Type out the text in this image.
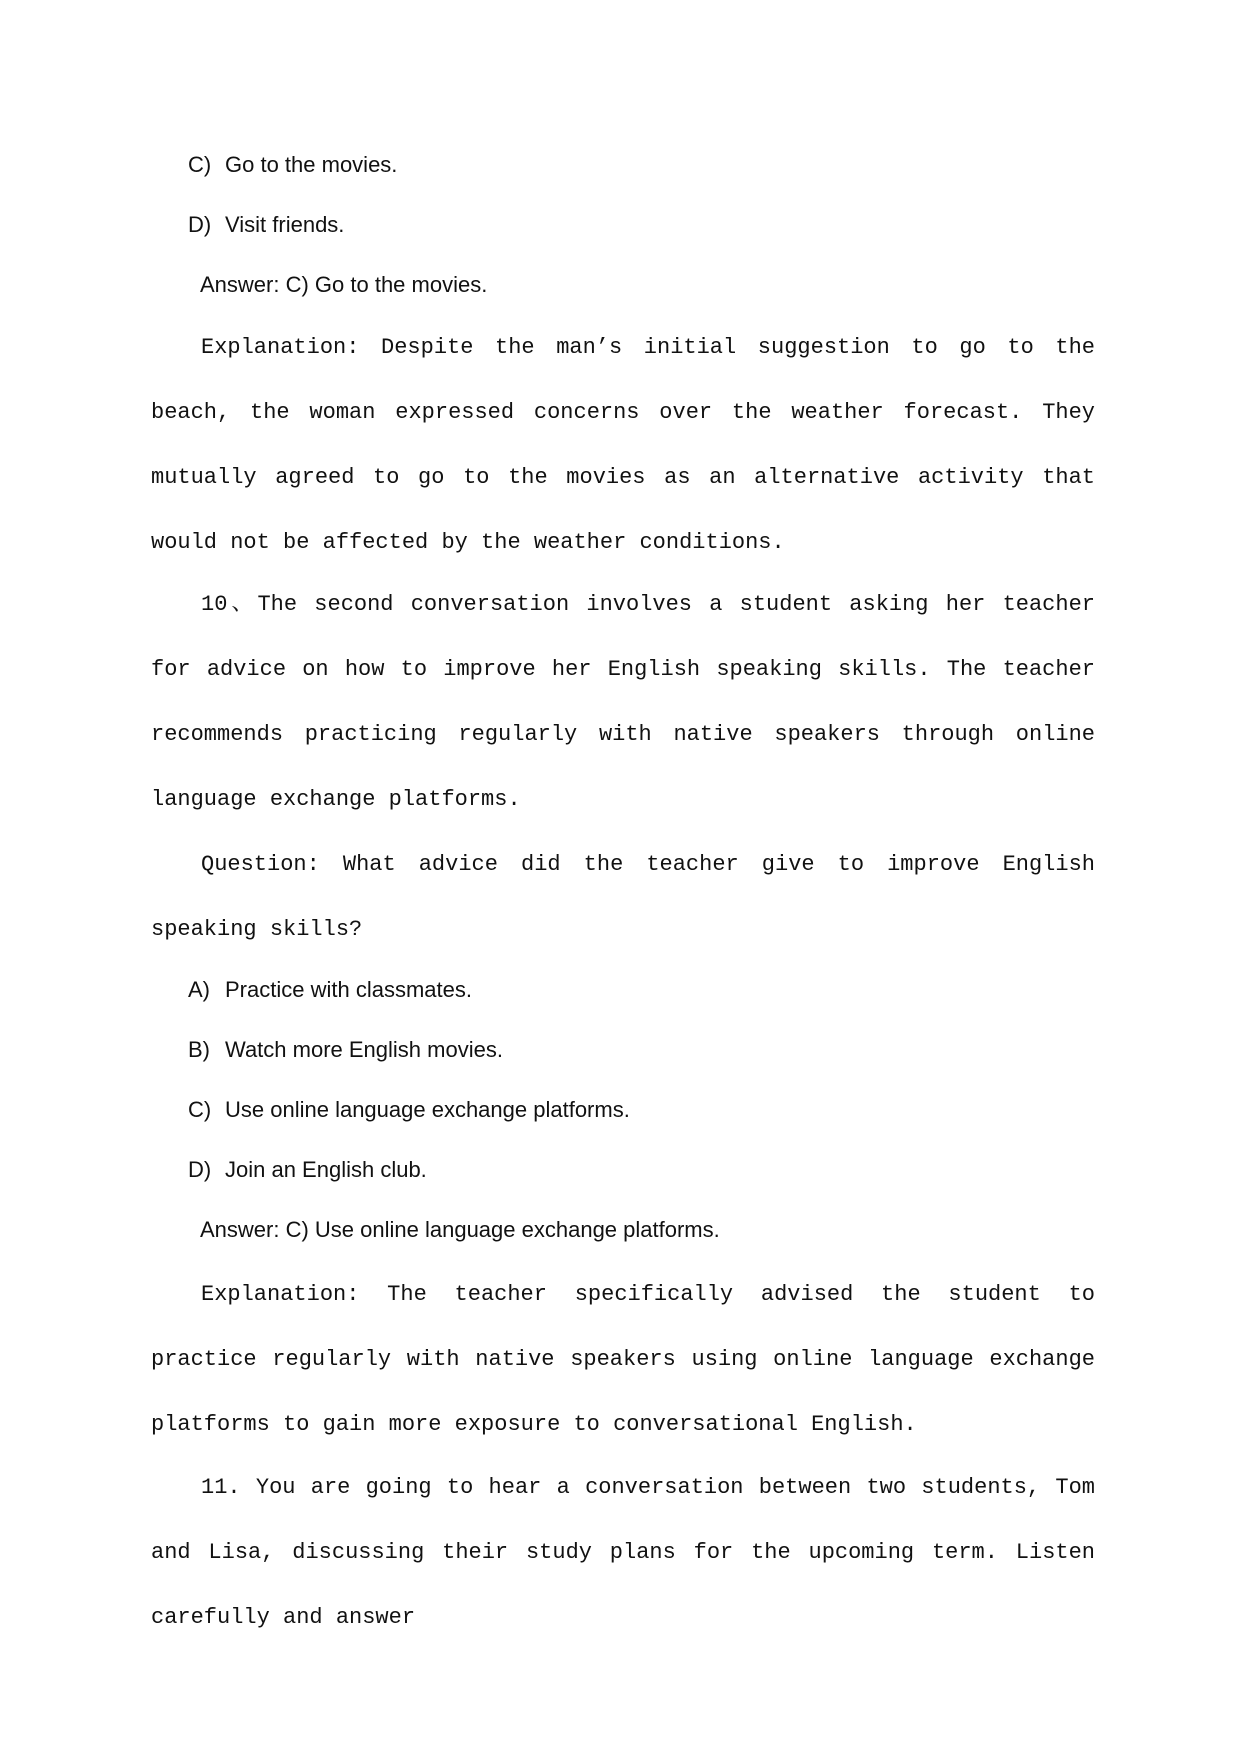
C) Go to the movies.
D) Visit friends.
Answer: C) Go to the movies.

Explanation: Despite the man’s initial suggestion to go to the beach, the woman expressed concerns over the weather forecast. They mutually agreed to go to the movies as an alternative activity that would not be affected by the weather conditions.

10、The second conversation involves a student asking her teacher for advice on how to improve her English speaking skills. The teacher recommends practicing regularly with native speakers through online language exchange platforms.

Question: What advice did the teacher give to improve English speaking skills?

A) Practice with classmates.
B) Watch more English movies.
C) Use online language exchange platforms.
D) Join an English club.
Answer: C) Use online language exchange platforms.

Explanation: The teacher specifically advised the student to practice regularly with native speakers using online language exchange platforms to gain more exposure to conversational English.

11. You are going to hear a conversation between two students, Tom and Lisa, discussing their study plans for the upcoming term. Listen carefully and answer
